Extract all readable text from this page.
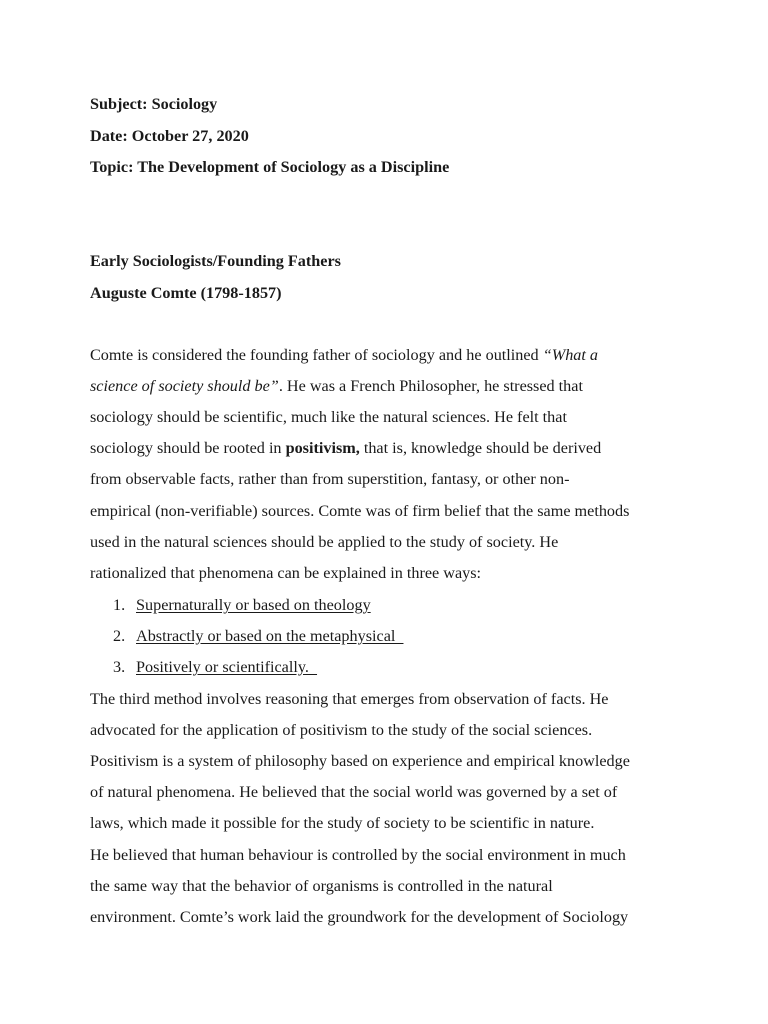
Subject: Sociology
Date: October 27, 2020
Topic: The Development of Sociology as a Discipline
Early Sociologists/Founding Fathers
Auguste Comte (1798-1857)
Comte is considered the founding father of sociology and he outlined “What a
science of society should be”. He was a French Philosopher, he stressed that
sociology should be scientific, much like the natural sciences. He felt that
sociology should be rooted in positivism, that is, knowledge should be derived
from observable facts, rather than from superstition, fantasy, or other non-
empirical (non-verifiable) sources. Comte was of firm belief that the same methods
used in the natural sciences should be applied to the study of society. He
rationalized that phenomena can be explained in three ways:
1. Supernaturally or based on theology
2. Abstractly or based on the metaphysical
3. Positively or scientifically.
The third method involves reasoning that emerges from observation of facts. He
advocated for the application of positivism to the study of the social sciences.
Positivism is a system of philosophy based on experience and empirical knowledge
of natural phenomena. He believed that the social world was governed by a set of
laws, which made it possible for the study of society to be scientific in nature.
He believed that human behaviour is controlled by the social environment in much
the same way that the behavior of organisms is controlled in the natural
environment. Comte’s work laid the groundwork for the development of Sociology
